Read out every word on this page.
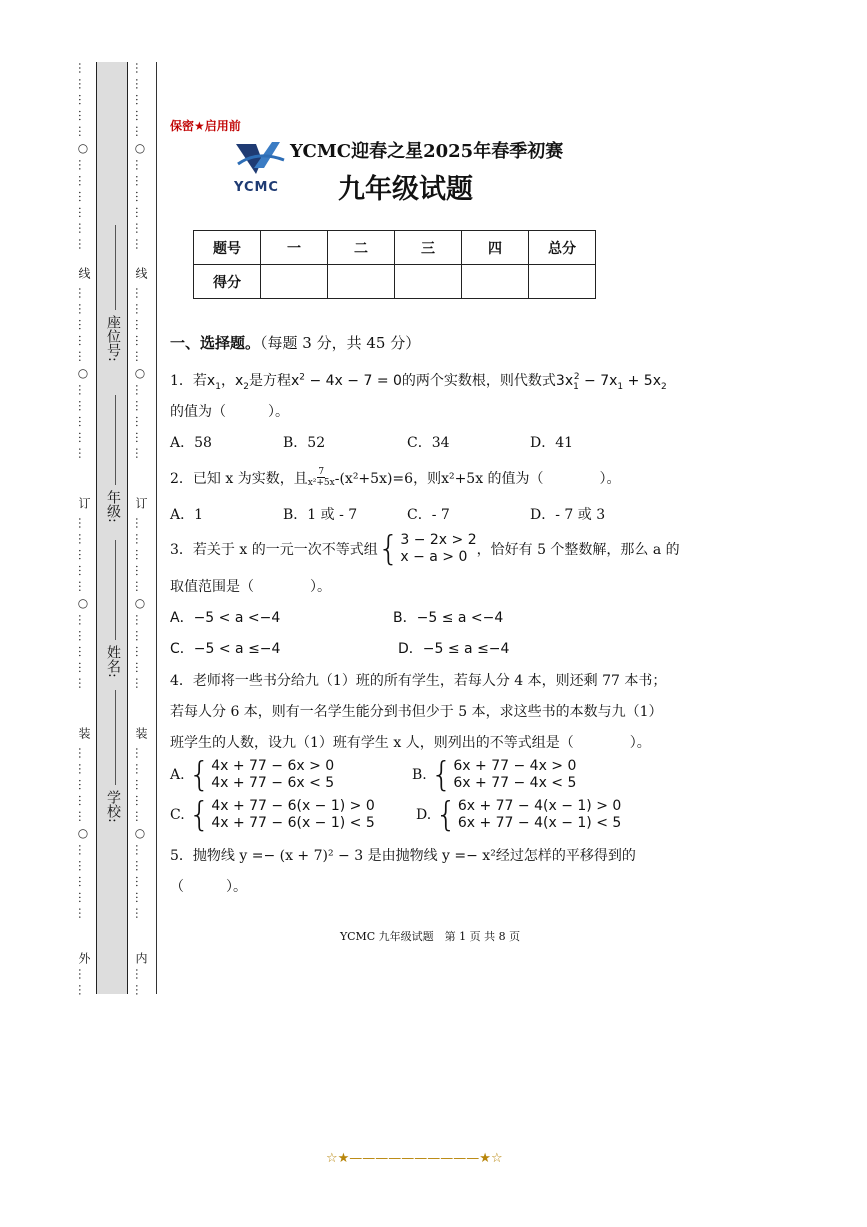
… … … … … ○ … … … … … …
线
… … … … … ○ … … … … …
订
… … … … … ○ … … … … …
装
… … … … … ○ … … … … …
外
… …
座位号:
年级:
姓名:
学校:
… … … … … ○ … … … … … …
线
… … … … … ○ … … … … …
订
… … … … … ○ … … … … …
装
… … … … … ○ … … … … …
内
… …
保密★启用前
YCMC
YCMC迎春之星2025年春季初赛
九年级试题
题号	一	二	三	四	总分
得分					
一、选择题。（每题 3 分，共 45 分）
1．若$x_1$，$x_2$是方程$x^2 - 4x - 7 = 0$的两个实数根，则代数式$3x_1^2 - 7x_1 + 5x_2$
的值为（　　　）。
A．58	B．52	C．34	D．41
2．已知 x 为实数，且 $\frac{7}{\text{x²+5x}} -(x^2+5x)=6$，则x²+5x 的值为（　　　　）。
A．1	B．1 或 - 7	C．- 7	D．- 7 或 3
3．若关于 x 的一元一次不等式组 { 3 − 2x > 2
x − a > 0 ，恰好有 5 个整数解，那么 a 的
取值范围是（　　　　）。
A．−5 < a <−4	B．−5 ≤ a <−4
C．−5 < a ≤−4	D．−5 ≤ a ≤−4
4．老师将一些书分给九（1）班的所有学生，若每人分 4 本，则还剩 77 本书；
若每人分 6 本，则有一名学生能分到书但少于 5 本，求这些书的本数与九（1）
班学生的人数，设九（1）班有学生 x 人，则列出的不等式组是（　　　　）。
A. { 4x + 77 − 6x > 0
4x + 77 − 6x < 5	B. { 6x + 77 − 4x > 0
6x + 77 − 4x < 5
C. { 4x + 77 − 6(x − 1) > 0
4x + 77 − 6(x − 1) < 5	D. { 6x + 77 − 4(x − 1) > 0
6x + 77 − 4(x − 1) < 5
5．抛物线 y =− (x + 7)² − 3 是由抛物线 y =− x²经过怎样的平移得到的
（　　　）。
YCMC 九年级试题　第 1 页 共 8 页
☆★——————————★☆
